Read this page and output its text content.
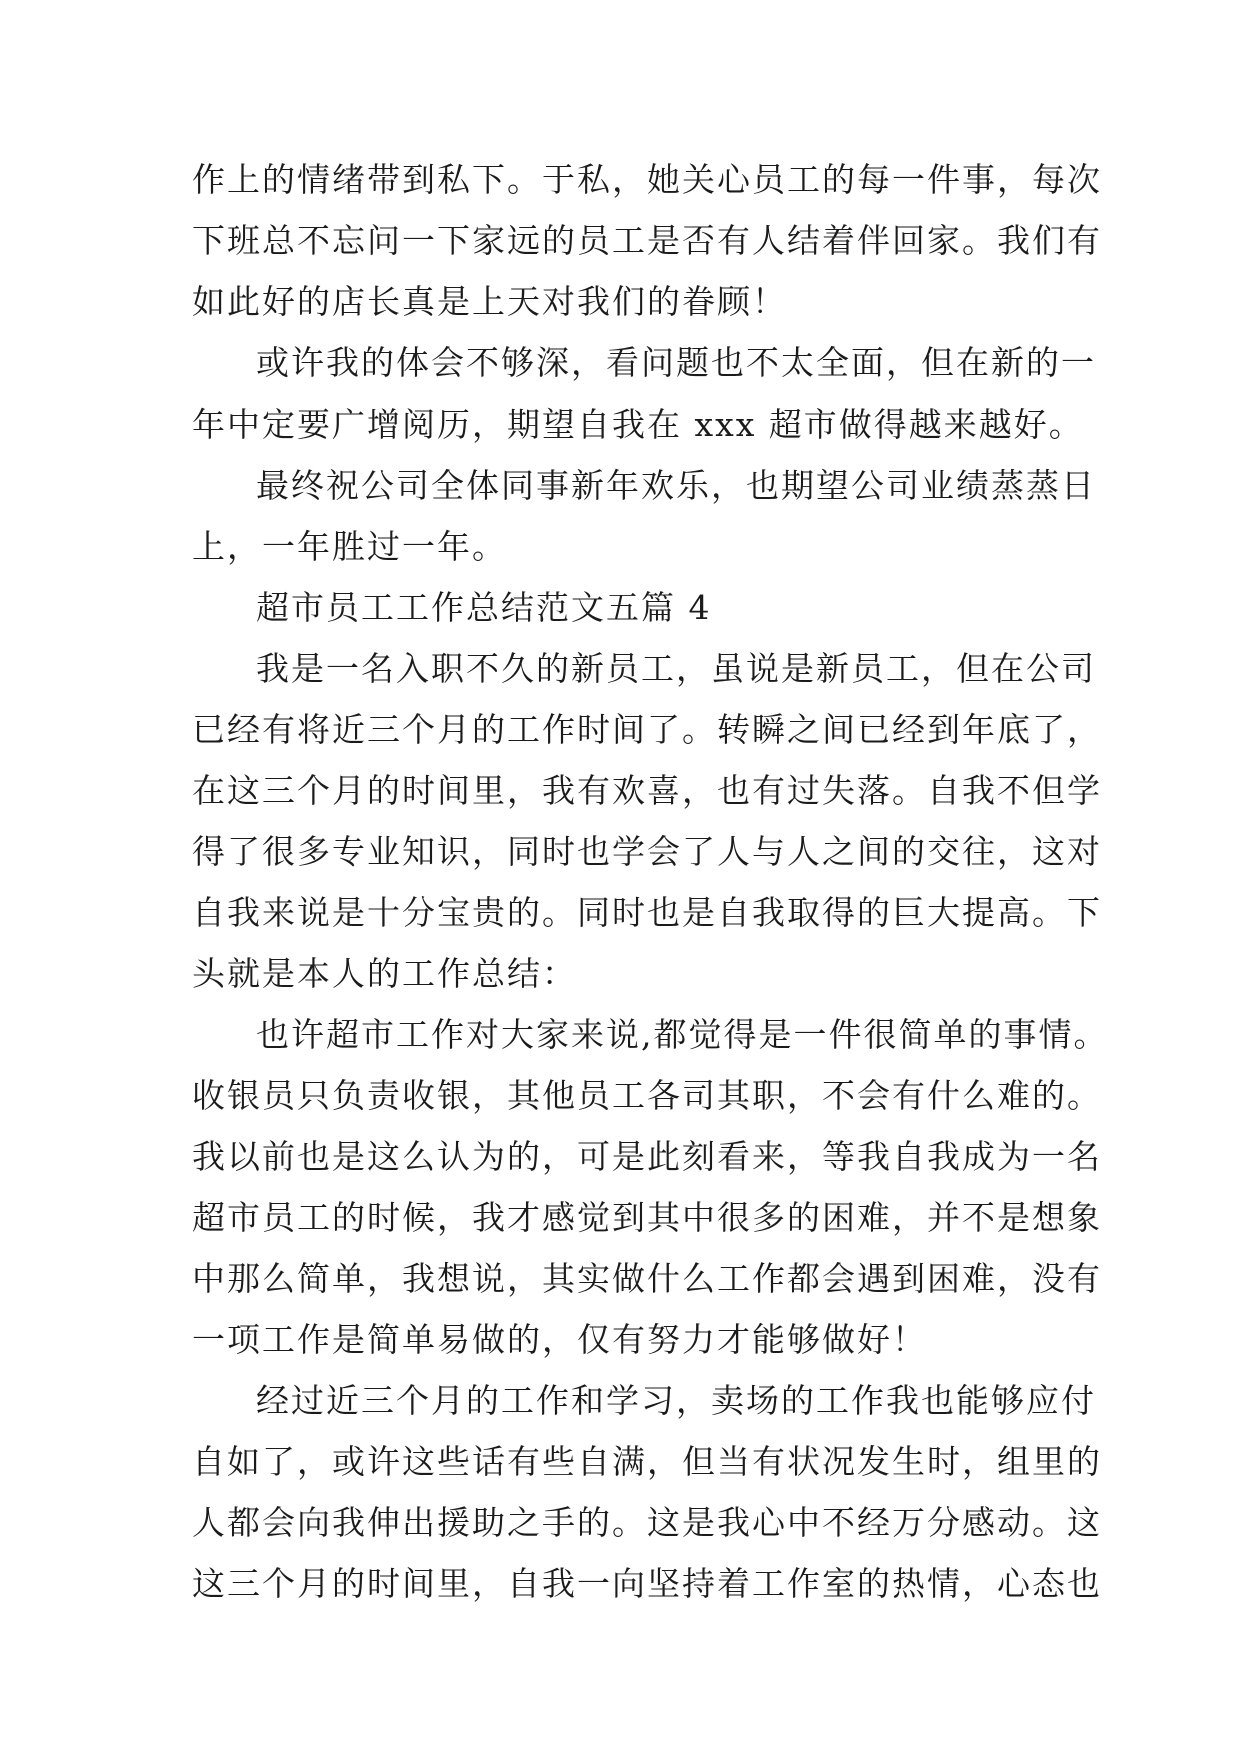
作上的情绪带到私下。于私，她关心员工的每一件事，每次
下班总不忘问一下家远的员工是否有人结着伴回家。我们有
如此好的店长真是上天对我们的眷顾！
或许我的体会不够深，看问题也不太全面，但在新的一
年中定要广增阅历，期望自我在 xxx 超市做得越来越好。
最终祝公司全体同事新年欢乐，也期望公司业绩蒸蒸日
上，一年胜过一年。
超市员工工作总结范文五篇 4
我是一名入职不久的新员工，虽说是新员工，但在公司
已经有将近三个月的工作时间了。转瞬之间已经到年底了，
在这三个月的时间里，我有欢喜，也有过失落。自我不但学
得了很多专业知识，同时也学会了人与人之间的交往，这对
自我来说是十分宝贵的。同时也是自我取得的巨大提高。下
头就是本人的工作总结：
也许超市工作对大家来说,都觉得是一件很简单的事情。
收银员只负责收银，其他员工各司其职，不会有什么难的。
我以前也是这么认为的，可是此刻看来，等我自我成为一名
超市员工的时候，我才感觉到其中很多的困难，并不是想象
中那么简单，我想说，其实做什么工作都会遇到困难，没有
一项工作是简单易做的，仅有努力才能够做好！
经过近三个月的工作和学习，卖场的工作我也能够应付
自如了，或许这些话有些自满，但当有状况发生时，组里的
人都会向我伸出援助之手的。这是我心中不经万分感动。这
这三个月的时间里，自我一向坚持着工作室的热情，心态也
